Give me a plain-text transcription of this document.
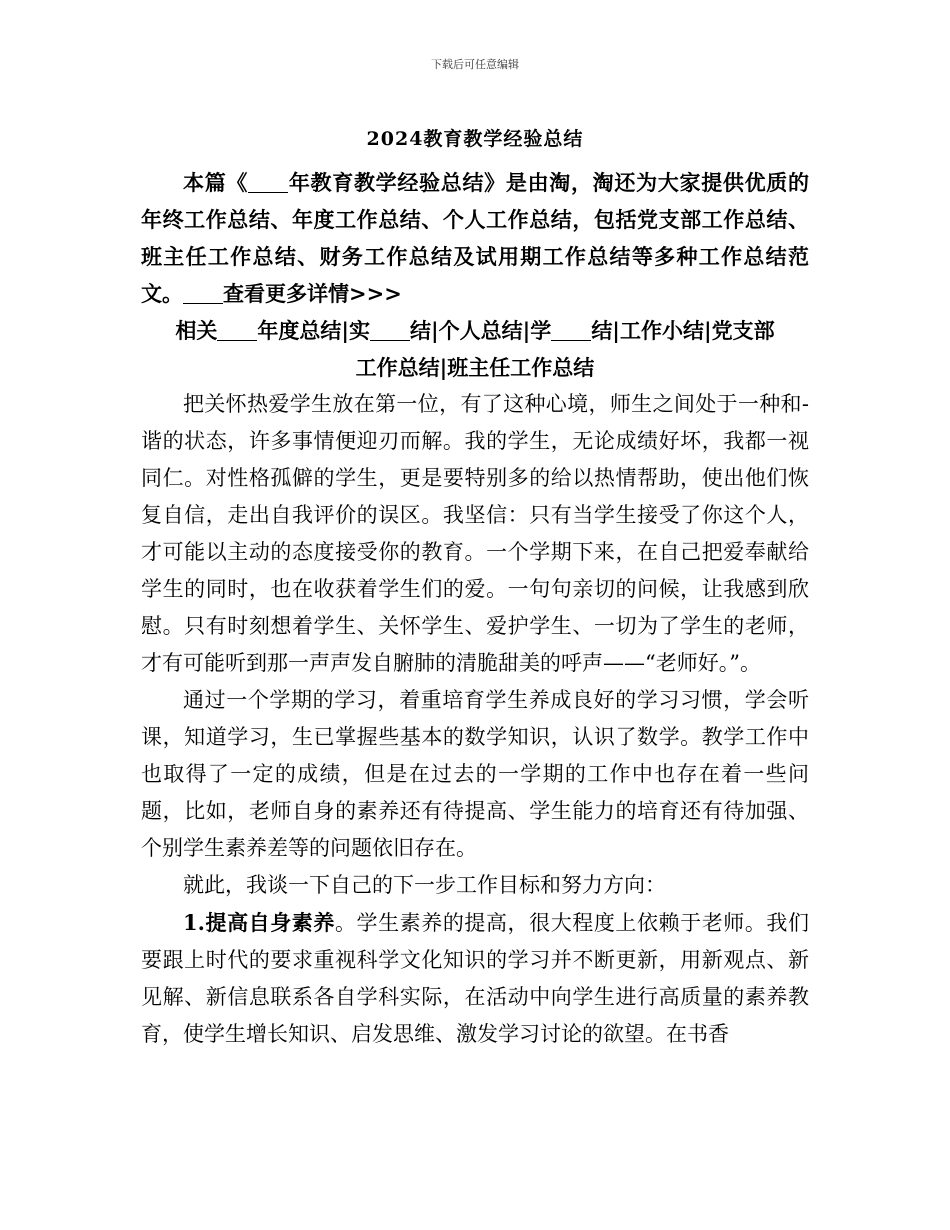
下载后可任意编辑
2024教育教学经验总结

本篇《 年教育教学经验总结》是由淘，淘还为大家提供优质的年终工作总结、年度工作总结、个人工作总结，包括党支部工作总结、班主任工作总结、财务工作总结及试用期工作总结等多种工作总结范文。 查看更多详情>>>

相关 年度总结|实 结|个人总结|学 结|工作小结|党支部

工作总结|班主任工作总结

把关怀热爱学生放在第一位，有了这种心境，师生之间处于一种和-谐的状态，许多事情便迎刃而解。我的学生，无论成绩好坏，我都一视同仁。对性格孤僻的学生，更是要特别多的给以热情帮助，使出他们恢复自信，走出自我评价的误区。我坚信：只有当学生接受了你这个人，才可能以主动的态度接受你的教育。一个学期下来，在自己把爱奉献给学生的同时，也在收获着学生们的爱。一句句亲切的问候，让我感到欣慰。只有时刻想着学生、关怀学生、爱护学生、一切为了学生的老师，才有可能听到那一声声发自腑肺的清脆甜美的呼声——“老师好。”。

通过一个学期的学习，着重培育学生养成良好的学习习惯，学会听课，知道学习，生已掌握些基本的数学知识，认识了数学。教学工作中也取得了一定的成绩，但是在过去的一学期的工作中也存在着一些问题，比如，老师自身的素养还有待提高、学生能力的培育还有待加强、个别学生素养差等的问题依旧存在。

就此，我谈一下自己的下一步工作目标和努力方向：

1.提高自身素养。学生素养的提高，很大程度上依赖于老师。我们要跟上时代的要求重视科学文化知识的学习并不断更新，用新观点、新见解、新信息联系各自学科实际，在活动中向学生进行高质量的素养教育，使学生增长知识、启发思维、激发学习讨论的欲望。在书香
